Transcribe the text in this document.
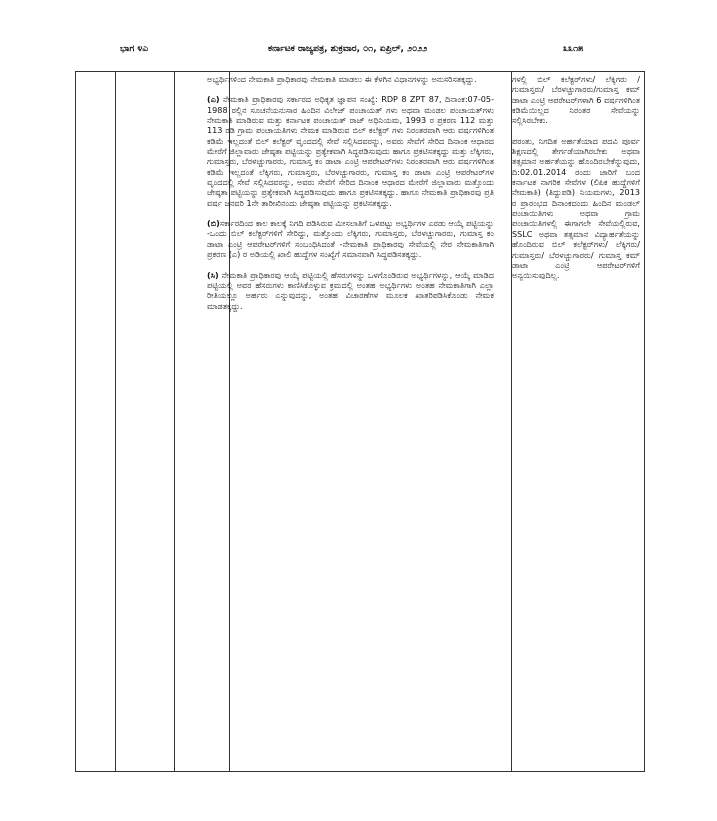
ಭಾಗ ೪ಎ	ಕರ್ನಾಟಕ ರಾಜ್ಯಪತ್ರ, ಶುಕ್ರವಾರ, ೦೧, ಏಪ್ರಿಲ್, ೨೦೨೨	೩೩೧೫

ಅಭ್ಯರ್ಥಿಗಳಿಂದ ನೇಮಕಾತಿ ಪ್ರಾಧಿಕಾರವು ನೇಮಕಾತಿ ಮಾಡಲು ಈ ಕೆಳಗಿನ ವಿಧಾನಗಳನ್ನು ಅನುಸರಿಸತಕ್ಕದ್ದು.

(ಎ) ನೇಮಕಾತಿ ಪ್ರಾಧಿಕಾರವು ಸರ್ಕಾರದ ಅಧಿಕೃತ ಜ್ಞಾಪನ ಸಂಖ್ಯೆ: RDP 8 ZPT 87, ದಿನಾಂಕ:07-05-1988 ರಲ್ಲಿನ ಸೂಚನೆಯನುಸಾರ ಹಿಂದಿನ ವಿಲೇಜ್ ಪಂಚಾಯತ್ ಗಳು ಅಥವಾ ಮಂಡಲ ಪಂಚಾಯತ್‌ಗಳು ನೇಮಕಾತಿ ಮಾಡಿರುವ ಮತ್ತು ಕರ್ನಾಟಕ ಪಂಚಾಯತ್ ರಾಜ್ ಅಧಿನಿಯಮ, 1993 ರ ಪ್ರಕರಣ 112 ಮತ್ತು 113 ರಡಿ ಗ್ರಾಮ ಪಂಚಾಯತಿಗಳು ನೇಮಕ ಮಾಡಿರುವ ಬಿಲ್ ಕಲೆಕ್ಟರ್ ಗಳು ನಿರಂತರವಾಗಿ ಆರು ವರ್ಷಗಳಿಗಿಂತ ಕಡಿಮೆ ಇಲ್ಲದಂತೆ ಬಿಲ್ ಕಲೆಕ್ಟರ್ ವೃಂದದಲ್ಲಿ ಸೇವೆ ಸಲ್ಲಿಸಿದವರನ್ನು, ಅವರು ಸೇವೆಗೆ ಸೇರಿದ ದಿನಾಂಕ ಆಧಾರದ ಮೇರೆಗೆ ಜಿಲ್ಲಾವಾರು ಜೇಷ್ಠತಾ ಪಟ್ಟಿಯನ್ನು ಪ್ರತ್ಯೇಕವಾಗಿ ಸಿದ್ಧಪಡಿಸುವುದು ಹಾಗೂ ಪ್ರಕಟಿಸತಕ್ಕದ್ದು ಮತ್ತು ಲೆಕ್ಕಿಗರು, ಗುಮಾಸ್ತರು, ಬೆರಳಚ್ಚುಗಾರರು, ಗುಮಾಸ್ತ ಕಂ ಡಾಟಾ ಎಂಟ್ರಿ ಆಪರೇಟರ್‌ಗಳು ನಿರಂತರವಾಗಿ ಆರು ವರ್ಷಗಳಿಗಿಂತ ಕಡಿಮೆ ಇಲ್ಲದಂತೆ ಲೆಕ್ಕಿಗರು, ಗುಮಾಸ್ತರು, ಬೆರಳಚ್ಚುಗಾರರು, ಗುಮಾಸ್ತ ಕಂ ಡಾಟಾ ಎಂಟ್ರಿ ಆಪರೇಟರ್‌ಗಳ ವೃಂದದಲ್ಲಿ ಸೇವೆ ಸಲ್ಲಿಸಿದವರನ್ನು, ಅವರು ಸೇವೆಗೆ ಸೇರಿದ ದಿನಾಂಕ ಆಧಾರದ ಮೇರೆಗೆ ಜಿಲ್ಲಾವಾರು ಮತ್ತೊಂದು ಜೇಷ್ಠತಾ ಪಟ್ಟಿಯನ್ನು ಪ್ರತ್ಯೇಕವಾಗಿ ಸಿದ್ಧಪಡಿಸುವುದು ಹಾಗೂ ಪ್ರಕಟಿಸತಕ್ಕದ್ದು. ಹಾಗೂ ನೇಮಕಾತಿ ಪ್ರಾಧಿಕಾರವು ಪ್ರತಿ ವರ್ಷ ಜನವರಿ 1ನೇ ತಾರೀಖಿನಂದು ಜೇಷ್ಠತಾ ಪಟ್ಟಿಯನ್ನು ಪ್ರಕಟಿಸತಕ್ಕದ್ದು.

(ಬಿ)ಸರ್ಕಾರದಿಂದ ಕಾಲ ಕಾಲಕ್ಕೆ ನಿಗದಿ ಪಡಿಸಿರುವ ಮೀಸಲಾತಿಗೆ ಒಳಪಟ್ಟು ಅಭ್ಯರ್ಥಿಗಳ ಎರಡು ಆಯ್ಕೆ ಪಟ್ಟಿಯನ್ನು -ಒಂದು ಬಿಲ್ ಕಲೆಕ್ಟರ್‌ಗಳಿಗೆ ಸೇರಿದ್ದು, ಮತ್ತೊಂದು ಲೆಕ್ಕಿಗರು, ಗುಮಾಸ್ತರು, ಬೆರಳಚ್ಚುಗಾರರು, ಗುಮಾಸ್ತ ಕಂ ಡಾಟಾ ಎಂಟ್ರಿ ಆಪರೇಟರ್‌ಗಳಿಗೆ ಸಂಬಂಧಿಸಿದಂತೆ -ನೇಮಕಾತಿ ಪ್ರಾಧಿಕಾರವು ಸೇವೆಯಲ್ಲಿ ನೇರ ನೇಮಕಾತಿಗಾಗಿ ಪ್ರಕರಣ (ಎ) ರ ಅಡಿಯಲ್ಲಿ ಖಾಲಿ ಹುದ್ದೆಗಳ ಸಂಖ್ಯೆಗೆ ಸಮಾನವಾಗಿ ಸಿದ್ಧಪಡಿಸತಕ್ಕದ್ದು.

(ಸಿ) ನೇಮಕಾತಿ ಪ್ರಾಧಿಕಾರವು ಆಯ್ಕೆ ಪಟ್ಟಿಯಲ್ಲಿ ಹೆಸರುಗಳನ್ನು ಒಳಗೊಂಡಿರುವ ಅಭ್ಯರ್ಥಿಗಳನ್ನು, ಆಯ್ಕೆ ಮಾಡಿದ ಪಟ್ಟಿಯಲ್ಲಿ ಅವರ ಹೆಸರುಗಳು ಕಾಣಿಸಿಕೊಳ್ಳುವ ಕ್ರಮದಲ್ಲಿ ಅಂತಹ ಅಭ್ಯರ್ಥಿಗಳು ಅಂತಹ ನೇಮಕಾತಿಗಾಗಿ ಎಲ್ಲಾ ರೀತಿಯಲ್ಲೂ ಅರ್ಹರು ಎನ್ನುವುದನ್ನು, ಅಂತಹ ವಿಚಾರಣೆಗಳ ಮೂಲಕ ಖಾತರಿಪಡಿಸಿಕೊಂಡು ನೇಮಕ ಮಾಡತಕ್ಕದ್ದು.

ಗಳಲ್ಲಿ ಬಿಲ್ ಕಲೆಕ್ಟರ್‌ಗಳು/ ಲೆಕ್ಕಿಗರು / ಗುಮಾಸ್ತರು/ ಬೆರಳಚ್ಚುಗಾರರು/ಗುಮಾಸ್ತ ಕಮ್ ಡಾಟಾ ಎಂಟ್ರಿ ಆಪರೇಟರ್‌ಗಳಾಗಿ 6 ವರ್ಷಗಳಿಗಿಂತ ಕಡಿಮೆಯಿಲ್ಲದ ನಿರಂತರ ಸೇವೆಯನ್ನು ಸಲ್ಲಿಸಿರಬೇಕು.

ಪರಂತು, ನಿಗದಿತ ಅರ್ಹತೆಯಾದ ಪದವಿ ಪೂರ್ವ ಶಿಕ್ಷಣದಲ್ಲಿ ತೇರ್ಗಡೆಯಾಗಿರಬೇಕು ಅಥವಾ ತತ್ಸಮಾನ ಅರ್ಹತೆಯನ್ನು ಹೊಂದಿರಬೇಕೆನ್ನುವುದು, ದಿ:02.01.2014 ರಂದು ಜಾರಿಗೆ ಬಂದ ಕರ್ನಾಟಕ ನಾಗರಿಕ ಸೇವೆಗಳ (ಲಿಪಿಕ ಹುದ್ದೆಗಳಿಗೆ ನೇಮಕಾತಿ) (ತಿದ್ದುಪಡಿ) ನಿಯಮಗಳು, 2013 ರ ಪ್ರಾರಂಭದ ದಿನಾಂಕದಂದು ಹಿಂದಿನ ಮಂಡಲ್ ಪಂಚಾಯಿತಿಗಳು ಅಥವಾ ಗ್ರಾಮ ಪಂಚಾಯಿತಿಗಳಲ್ಲಿ ಈಗಾಗಲೇ ಸೇವೆಯಲ್ಲಿರುವ, SSLC ಅಥವಾ ತತ್ಸಮಾನ ವಿದ್ಯಾರ್ಹತೆಯನ್ನು ಹೊಂದಿರುವ ಬಿಲ್ ಕಲೆಕ್ಟರ್‌ಗಳು/ ಲೆಕ್ಕಿಗರು/ ಗುಮಾಸ್ತರು/ ಬೆರಳಚ್ಚುಗಾರರು/ ಗುಮಾಸ್ತ ಕಮ್ ಡಾಟಾ ಎಂಟ್ರಿ ಆಪರೇಟರ್‌ಗಳಿಗೆ ಅನ್ವಯಿಸುವುದಿಲ್ಲ.
